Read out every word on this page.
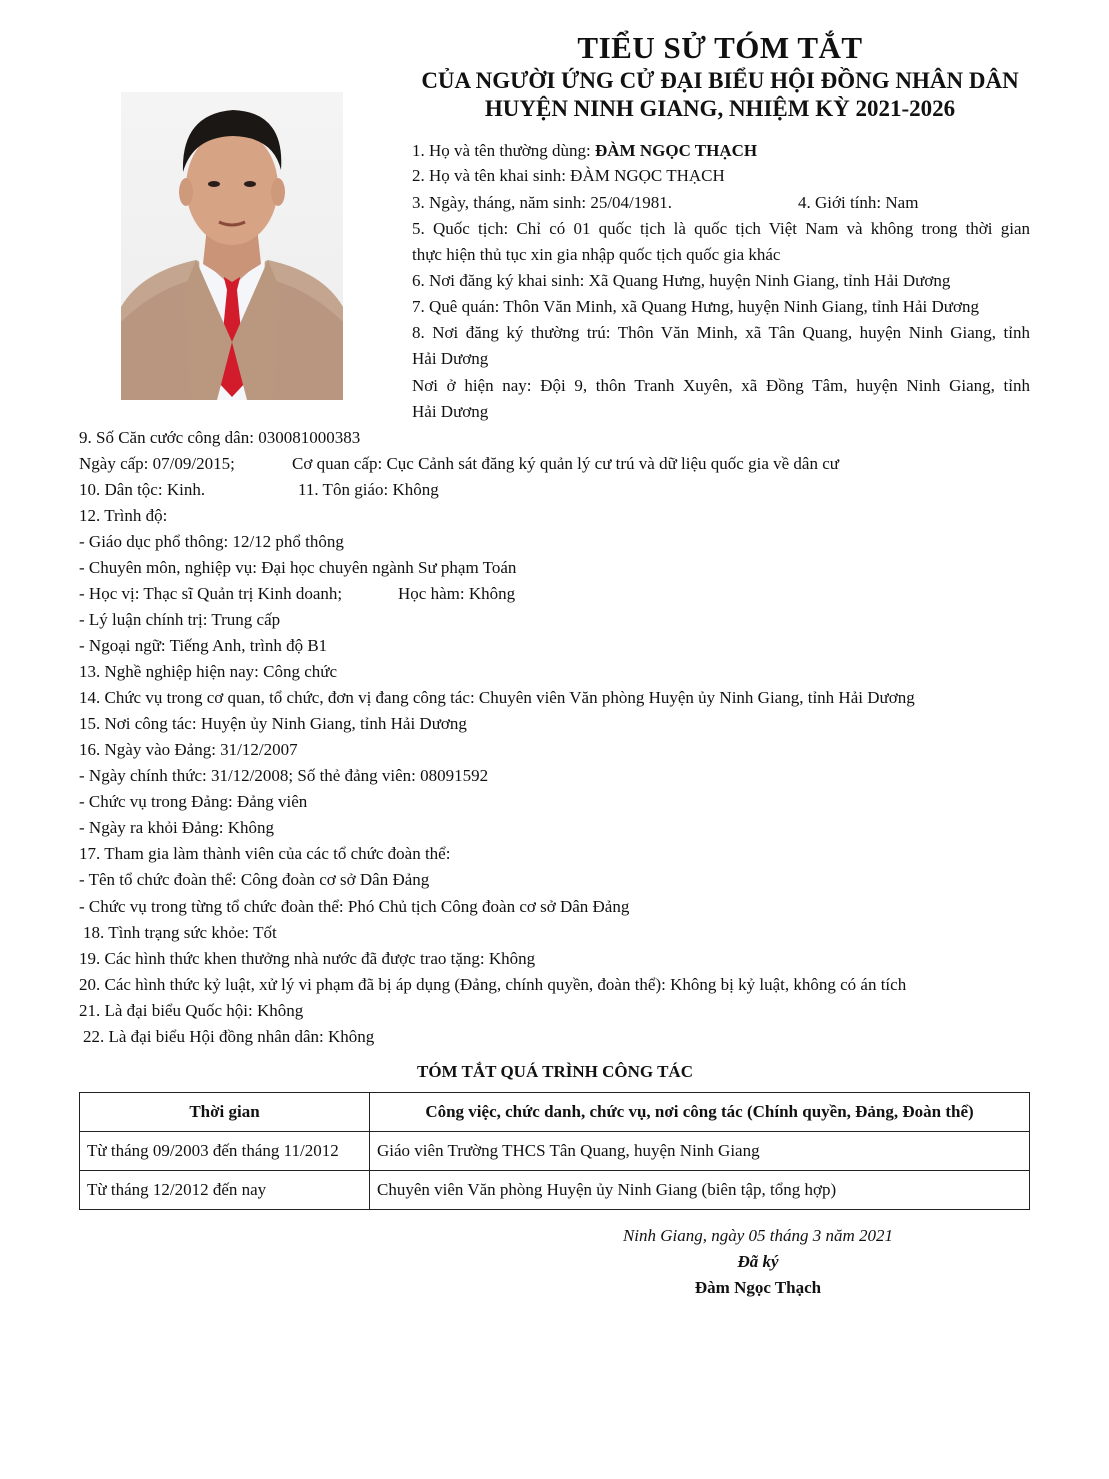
TIỂU SỬ TÓM TẮT
CỦA NGƯỜI ỨNG CỬ ĐẠI BIỂU HỘI ĐỒNG NHÂN DÂN
HUYỆN NINH GIANG, NHIỆM KỲ 2021-2026
1. Họ và tên thường dùng: ĐÀM NGỌC THẠCH
2. Họ và tên khai sinh: ĐÀM NGỌC THẠCH
3. Ngày, tháng, năm sinh: 25/04/1981.	4. Giới tính: Nam
5. Quốc tịch: Chỉ có 01 quốc tịch là quốc tịch Việt Nam và không trong thời gian
thực hiện thủ tục xin gia nhập quốc tịch quốc gia khác
6. Nơi đăng ký khai sinh: Xã Quang Hưng, huyện Ninh Giang, tỉnh Hải Dương
7. Quê quán: Thôn Văn Minh, xã Quang Hưng, huyện Ninh Giang, tỉnh Hải Dương
8. Nơi đăng ký thường trú: Thôn Văn Minh, xã Tân Quang, huyện Ninh Giang, tỉnh
Hải Dương
Nơi ở hiện nay: Đội 9, thôn Tranh Xuyên, xã Đồng Tâm, huyện Ninh Giang, tỉnh
Hải Dương
9. Số Căn cước công dân: 030081000383
Ngày cấp: 07/09/2015;	Cơ quan cấp: Cục Cảnh sát đăng ký quản lý cư trú và dữ liệu quốc gia về dân cư
10. Dân tộc: Kinh.	11. Tôn giáo: Không
12. Trình độ:
- Giáo dục phổ thông: 12/12 phổ thông
- Chuyên môn, nghiệp vụ: Đại học chuyên ngành Sư phạm Toán
- Học vị: Thạc sĩ Quản trị Kinh doanh;	Học hàm: Không
- Lý luận chính trị: Trung cấp
- Ngoại ngữ: Tiếng Anh, trình độ B1
13. Nghề nghiệp hiện nay: Công chức
14. Chức vụ trong cơ quan, tổ chức, đơn vị đang công tác: Chuyên viên Văn phòng Huyện ủy Ninh Giang, tỉnh Hải Dương
15. Nơi công tác: Huyện ủy Ninh Giang, tỉnh Hải Dương
16. Ngày vào Đảng: 31/12/2007
- Ngày chính thức: 31/12/2008; Số thẻ đảng viên: 08091592
- Chức vụ trong Đảng: Đảng viên
- Ngày ra khỏi Đảng: Không
17. Tham gia làm thành viên của các tổ chức đoàn thể:
- Tên tổ chức đoàn thể: Công đoàn cơ sở Dân Đảng
- Chức vụ trong từng tổ chức đoàn thể: Phó Chủ tịch Công đoàn cơ sở Dân Đảng
18. Tình trạng sức khỏe: Tốt
19. Các hình thức khen thưởng nhà nước đã được trao tặng: Không
20. Các hình thức kỷ luật, xử lý vi phạm đã bị áp dụng (Đảng, chính quyền, đoàn thể): Không bị kỷ luật, không có án tích
21. Là đại biểu Quốc hội: Không
22. Là đại biểu Hội đồng nhân dân: Không
TÓM TẮT QUÁ TRÌNH CÔNG TÁC
Thời gian	Công việc, chức danh, chức vụ, nơi công tác (Chính quyền, Đảng, Đoàn thể)
Từ tháng 09/2003 đến tháng 11/2012	Giáo viên Trường THCS Tân Quang, huyện Ninh Giang
Từ tháng 12/2012 đến nay	Chuyên viên Văn phòng Huyện ủy Ninh Giang (biên tập, tổng hợp)
Ninh Giang, ngày 05 tháng 3 năm 2021
Đã ký
Đàm Ngọc Thạch
